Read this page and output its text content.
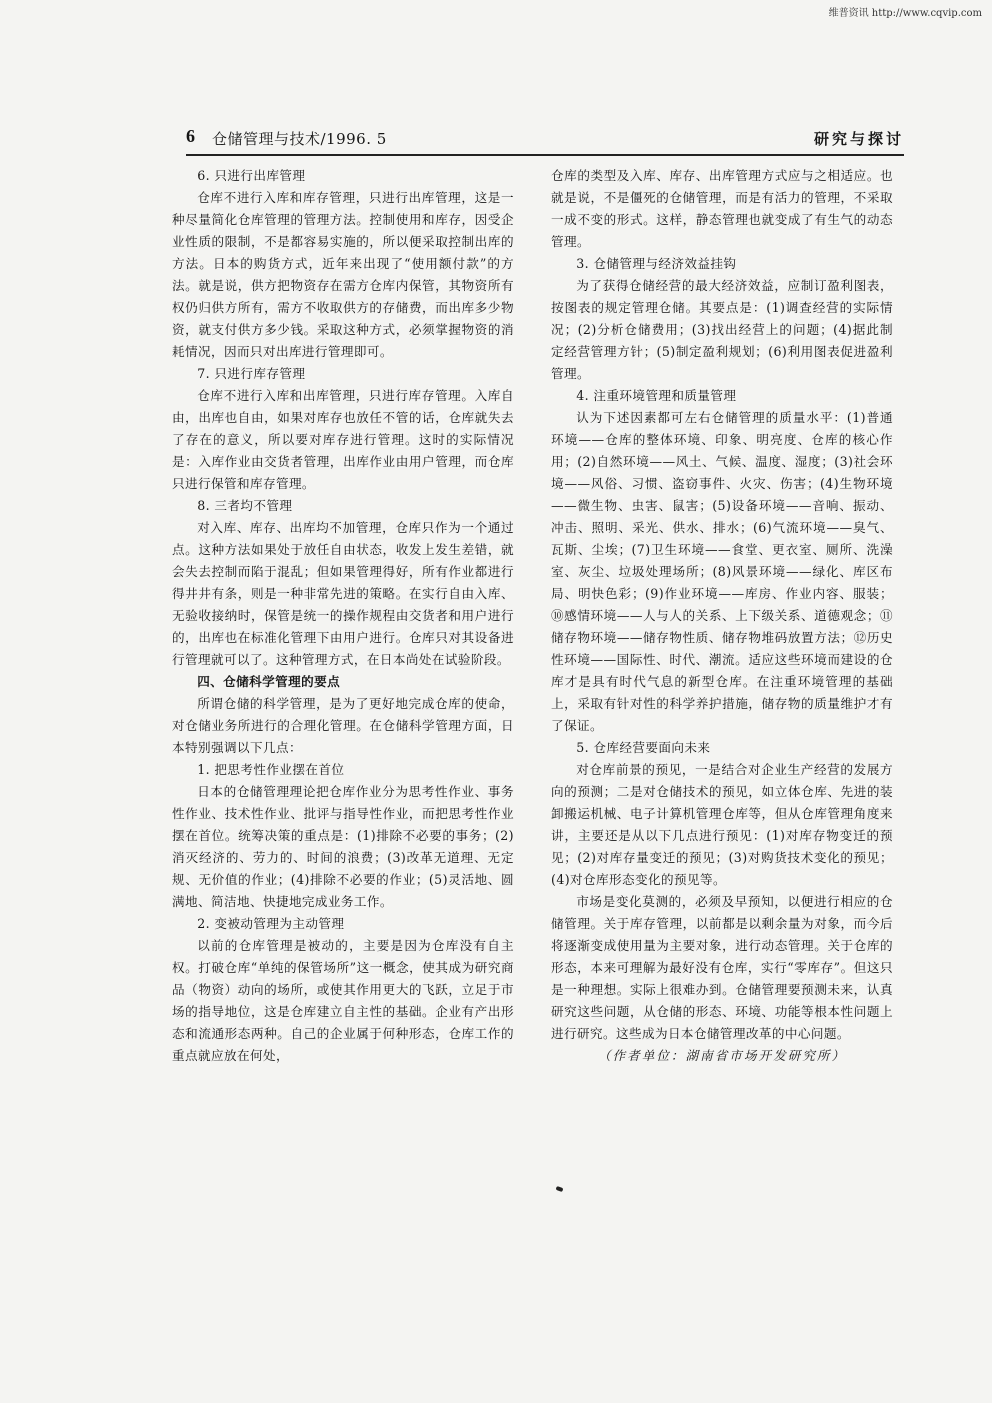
维普资讯 http://www.cqvip.com
6 仓储管理与技术/1996. 5	研究与探讨

6. 只进行出库管理

仓库不进行入库和库存管理，只进行出库管理，这是一种尽量简化仓库管理的管理方法。控制使用和库存，因受企业性质的限制，不是都容易实施的，所以便采取控制出库的方法。日本的购货方式，近年来出现了“使用额付款”的方法。就是说，供方把物资存在需方仓库内保管，其物资所有权仍归供方所有，需方不收取供方的存储费，而出库多少物资，就支付供方多少钱。采取这种方式，必须掌握物资的消耗情况，因而只对出库进行管理即可。

7. 只进行库存管理

仓库不进行入库和出库管理，只进行库存管理。入库自由，出库也自由，如果对库存也放任不管的话，仓库就失去了存在的意义，所以要对库存进行管理。这时的实际情况是：入库作业由交货者管理，出库作业由用户管理，而仓库只进行保管和库存管理。

8. 三者均不管理

对入库、库存、出库均不加管理，仓库只作为一个通过点。这种方法如果处于放任自由状态，收发上发生差错，就会失去控制而陷于混乱；但如果管理得好，所有作业都进行得井井有条，则是一种非常先进的策略。在实行自由入库、无验收接纳时，保管是统一的操作规程由交货者和用户进行的，出库也在标准化管理下由用户进行。仓库只对其设备进行管理就可以了。这种管理方式，在日本尚处在试验阶段。

四、仓储科学管理的要点

所谓仓储的科学管理，是为了更好地完成仓库的使命，对仓储业务所进行的合理化管理。在仓储科学管理方面，日本特别强调以下几点：

1. 把思考性作业摆在首位

日本的仓储管理理论把仓库作业分为思考性作业、事务性作业、技术性作业、批评与指导性作业，而把思考性作业摆在首位。统筹决策的重点是：(1)排除不必要的事务；(2)消灭经济的、劳力的、时间的浪费；(3)改革无道理、无定规、无价值的作业；(4)排除不必要的作业；(5)灵活地、圆满地、简洁地、快捷地完成业务工作。

2. 变被动管理为主动管理

以前的仓库管理是被动的，主要是因为仓库没有自主权。打破仓库“单纯的保管场所”这一概念，使其成为研究商品（物资）动向的场所，或使其作用更大的飞跃，立足于市场的指导地位，这是仓库建立自主性的基础。企业有产出形态和流通形态两种。自己的企业属于何种形态，仓库工作的重点就应放在何处，

仓库的类型及入库、库存、出库管理方式应与之相适应。也就是说，不是僵死的仓储管理，而是有活力的管理，不采取一成不变的形式。这样，静态管理也就变成了有生气的动态管理。

3. 仓储管理与经济效益挂钩

为了获得仓储经营的最大经济效益，应制订盈利图表，按图表的规定管理仓储。其要点是：(1)调查经营的实际情况；(2)分析仓储费用；(3)找出经营上的问题；(4)据此制定经营管理方针；(5)制定盈利规划；(6)利用图表促进盈利管理。

4. 注重环境管理和质量管理

认为下述因素都可左右仓储管理的质量水平：(1)普通环境——仓库的整体环境、印象、明亮度、仓库的核心作用；(2)自然环境——风土、气候、温度、湿度；(3)社会环境——风俗、习惯、盗窃事件、火灾、伤害；(4)生物环境——微生物、虫害、鼠害；(5)设备环境——音响、振动、冲击、照明、采光、供水、排水；(6)气流环境——臭气、瓦斯、尘埃；(7)卫生环境——食堂、更衣室、厕所、洗澡室、灰尘、垃圾处理场所；(8)风景环境——绿化、库区布局、明快色彩；(9)作业环境——库房、作业内容、服装；⑩感情环境——人与人的关系、上下级关系、道德观念；⑪储存物环境——储存物性质、储存物堆码放置方法；⑫历史性环境——国际性、时代、潮流。适应这些环境而建设的仓库才是具有时代气息的新型仓库。在注重环境管理的基础上，采取有针对性的科学养护措施，储存物的质量维护才有了保证。

5. 仓库经营要面向未来

对仓库前景的预见，一是结合对企业生产经营的发展方向的预测；二是对仓储技术的预见，如立体仓库、先进的装卸搬运机械、电子计算机管理仓库等，但从仓库管理角度来讲，主要还是从以下几点进行预见：(1)对库存物变迁的预见；(2)对库存量变迁的预见；(3)对购货技术变化的预见；(4)对仓库形态变化的预见等。

市场是变化莫测的，必须及早预知，以便进行相应的仓储管理。关于库存管理，以前都是以剩余量为对象，而今后将逐渐变成使用量为主要对象，进行动态管理。关于仓库的形态，本来可理解为最好没有仓库，实行“零库存”。但这只是一种理想。实际上很难办到。仓储管理要预测未来，认真研究这些问题，从仓储的形态、环境、功能等根本性问题上进行研究。这些成为日本仓储管理改革的中心问题。

（作者单位：湖南省市场开发研究所）
